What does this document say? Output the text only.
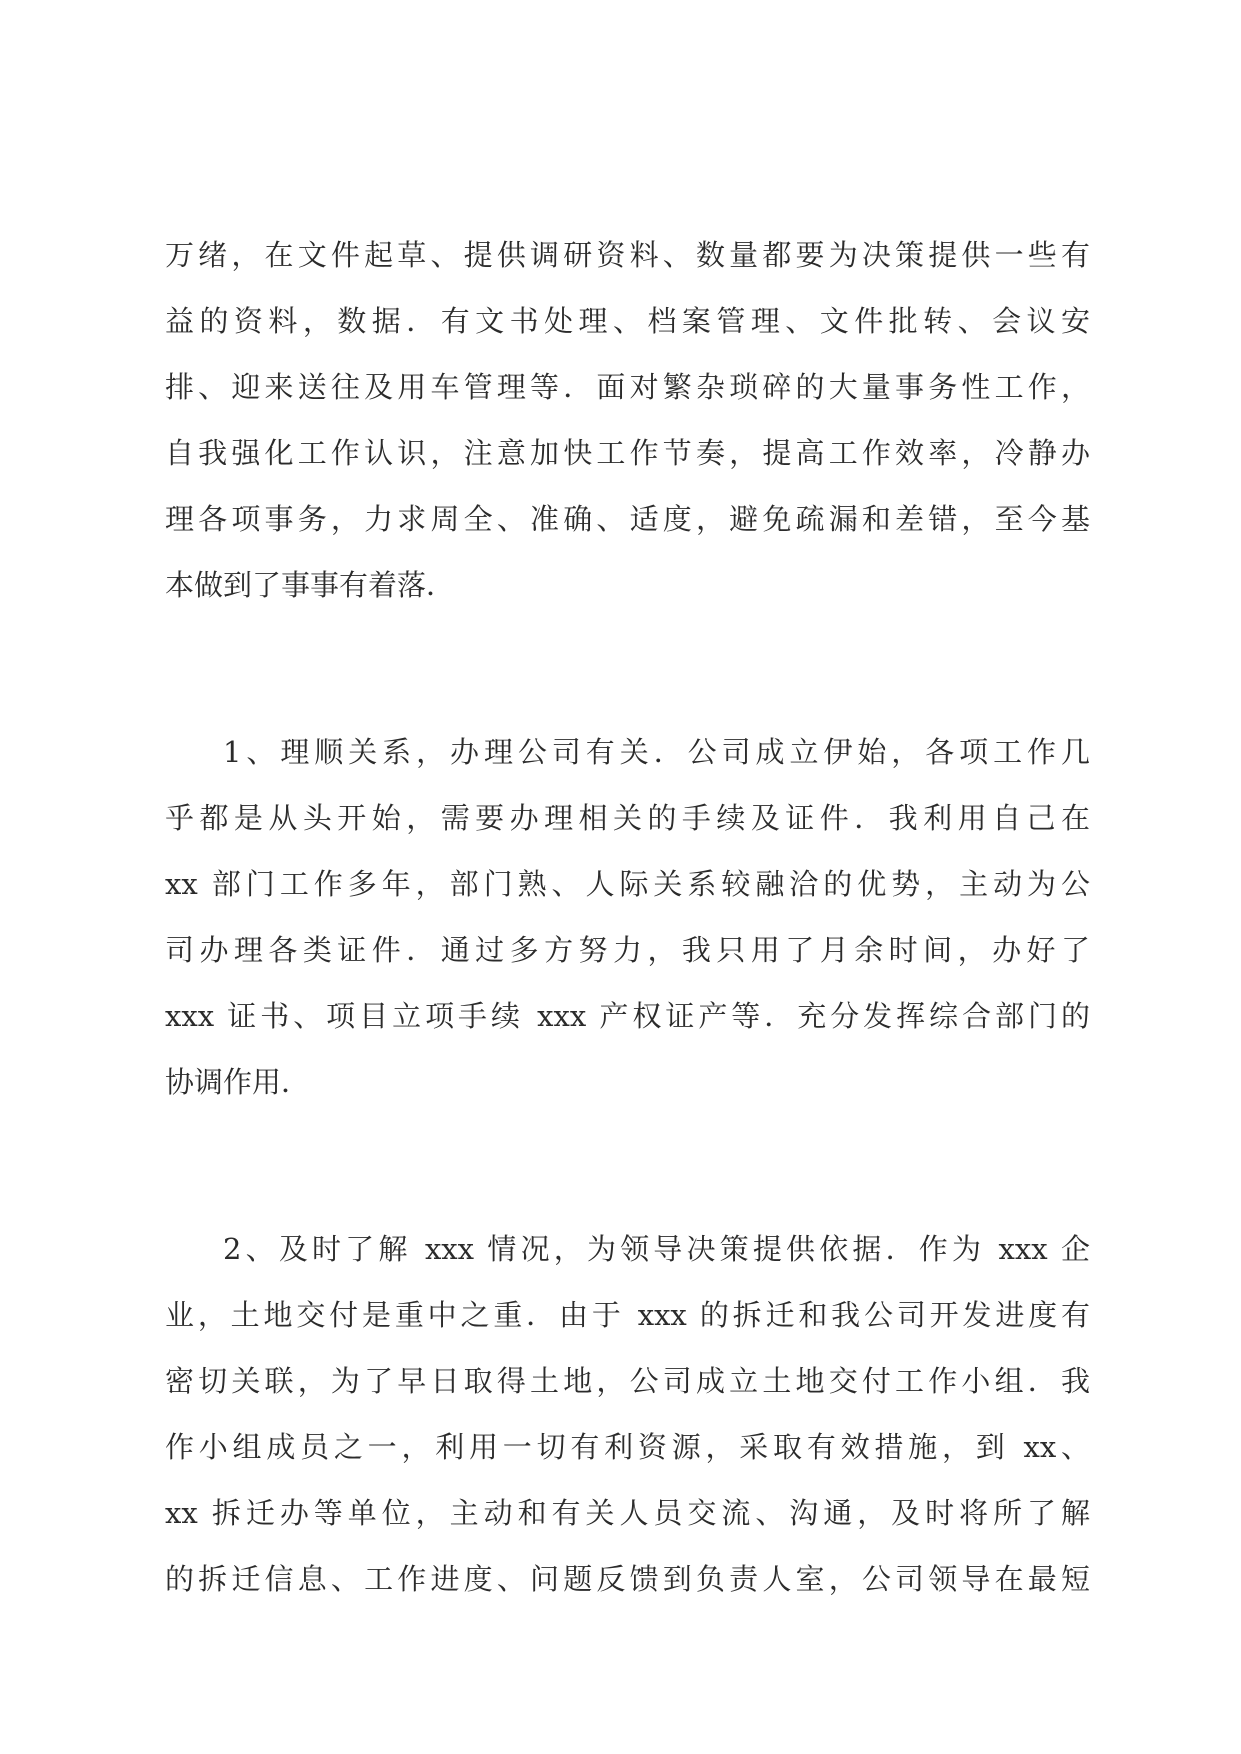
万绪，在文件起草、提供调研资料、数量都要为决策提供一些有
益的资料，数据．有文书处理、档案管理、文件批转、会议安
排、迎来送往及用车管理等．面对繁杂琐碎的大量事务性工作，
自我强化工作认识，注意加快工作节奏，提高工作效率，冷静办
理各项事务，力求周全、准确、适度，避免疏漏和差错，至今基
本做到了事事有着落．
1、理顺关系，办理公司有关．公司成立伊始，各项工作几
乎都是从头开始，需要办理相关的手续及证件．我利用自己在
xx 部门工作多年，部门熟、人际关系较融洽的优势，主动为公
司办理各类证件．通过多方努力，我只用了月余时间，办好了
xxx 证书、项目立项手续 xxx 产权证产等．充分发挥综合部门的
协调作用．
2、及时了解 xxx 情况，为领导决策提供依据．作为 xxx 企
业，土地交付是重中之重．由于 xxx 的拆迁和我公司开发进度有
密切关联，为了早日取得土地，公司成立土地交付工作小组．我
作小组成员之一，利用一切有利资源，采取有效措施，到 xx、
xx 拆迁办等单位，主动和有关人员交流、沟通，及时将所了解
的拆迁信息、工作进度、问题反馈到负责人室，公司领导在最短
